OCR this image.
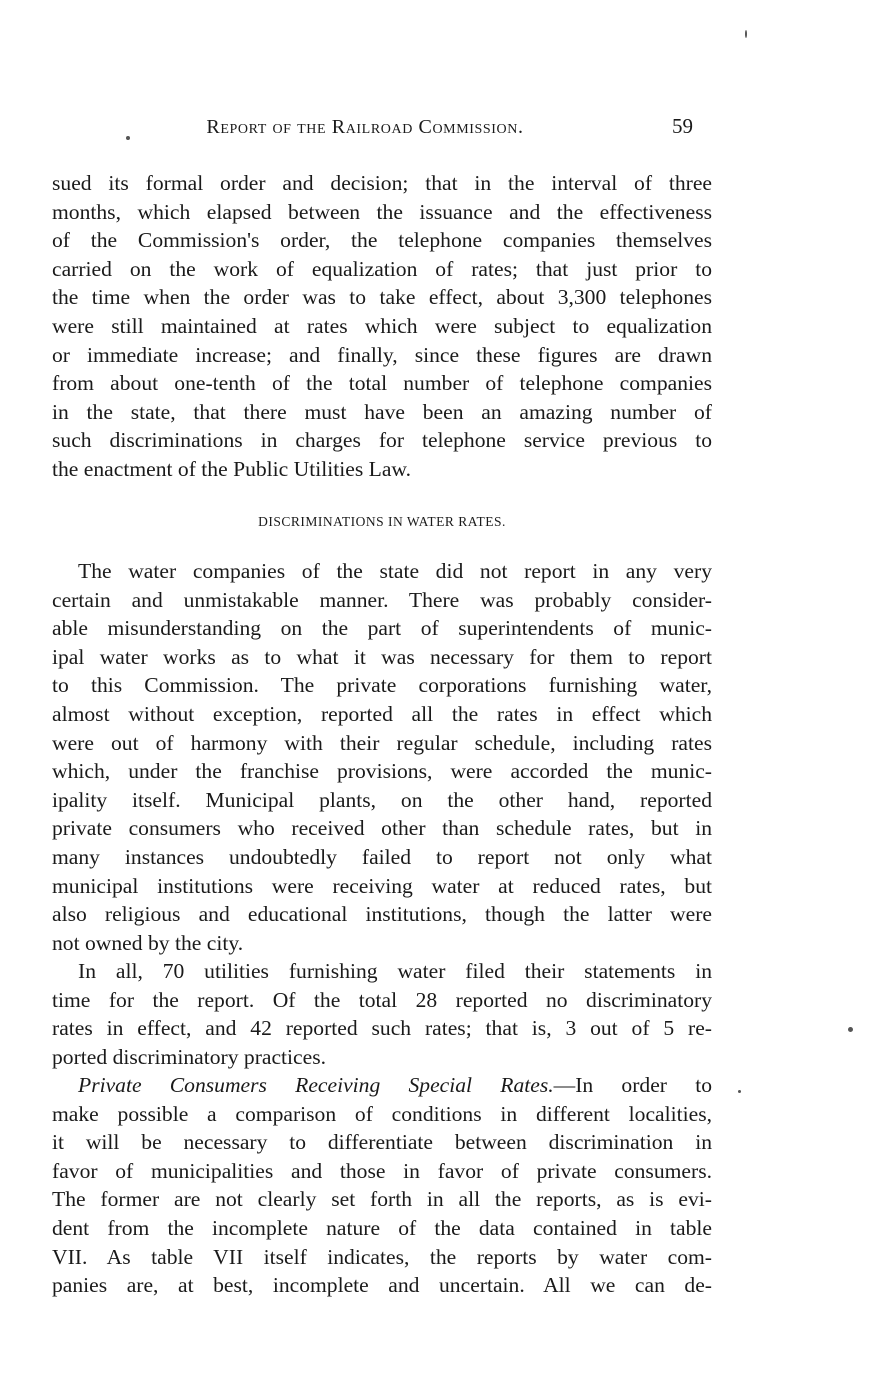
Report of the Railroad Commission.	59
sued its formal order and decision; that in the interval of three
months, which elapsed between the issuance and the effectiveness
of the Commission's order, the telephone companies themselves
carried on the work of equalization of rates; that just prior to
the time when the order was to take effect, about 3,300 telephones
were still maintained at rates which were subject to equalization
or immediate increase; and finally, since these figures are drawn
from about one-tenth of the total number of telephone companies
in the state, that there must have been an amazing number of
such discriminations in charges for telephone service previous to
the enactment of the Public Utilities Law.
DISCRIMINATIONS IN WATER RATES.
The water companies of the state did not report in any very
certain and unmistakable manner. There was probably consider-
able misunderstanding on the part of superintendents of munic-
ipal water works as to what it was necessary for them to report
to this Commission. The private corporations furnishing water,
almost without exception, reported all the rates in effect which
were out of harmony with their regular schedule, including rates
which, under the franchise provisions, were accorded the munic-
ipality itself. Municipal plants, on the other hand, reported
private consumers who received other than schedule rates, but in
many instances undoubtedly failed to report not only what
municipal institutions were receiving water at reduced rates, but
also religious and educational institutions, though the latter were
not owned by the city.
In all, 70 utilities furnishing water filed their statements in
time for the report. Of the total 28 reported no discriminatory
rates in effect, and 42 reported such rates; that is, 3 out of 5 re-
ported discriminatory practices.
Private Consumers Receiving Special Rates.—In order to
make possible a comparison of conditions in different localities,
it will be necessary to differentiate between discrimination in
favor of municipalities and those in favor of private consumers.
The former are not clearly set forth in all the reports, as is evi-
dent from the incomplete nature of the data contained in table
VII. As table VII itself indicates, the reports by water com-
panies are, at best, incomplete and uncertain. All we can de-
